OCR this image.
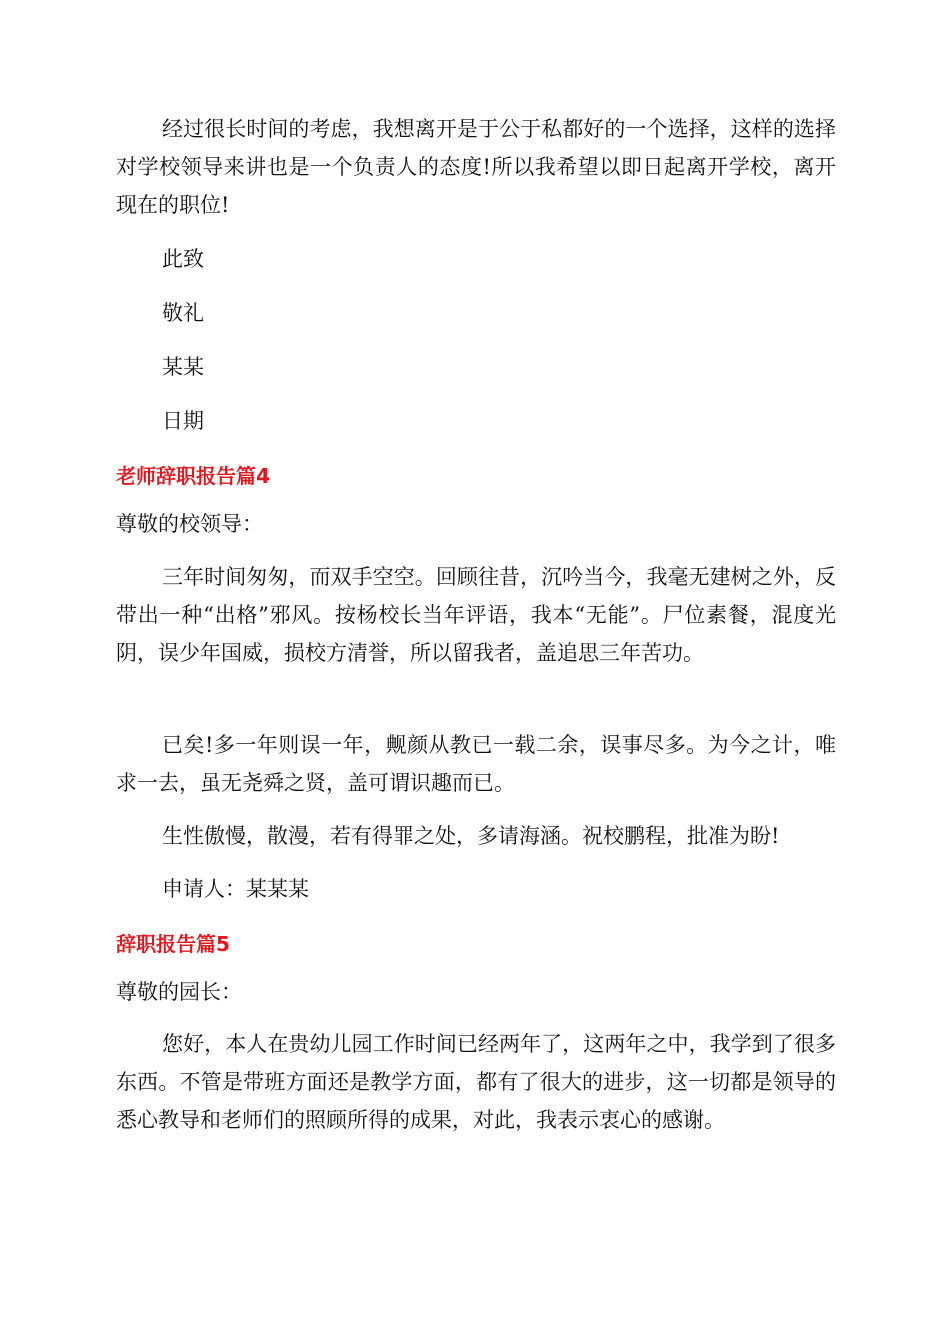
经过很长时间的考虑，我想离开是于公于私都好的一个选择，这样的选择对学校领导来讲也是一个负责人的态度!所以我希望以即日起离开学校，离开现在的职位!
此致
敬礼
某某
日期
老师辞职报告篇4
尊敬的校领导：
三年时间匆匆，而双手空空。回顾往昔，沉吟当今，我毫无建树之外，反带出一种“出格”邪风。按杨校长当年评语，我本“无能”。尸位素餐，混度光阴，误少年国威，损校方清誉，所以留我者，盖追思三年苦功。
已矣!多一年则误一年，觍颜从教已一载二余，误事尽多。为今之计，唯求一去，虽无尧舜之贤，盖可谓识趣而已。
生性傲慢，散漫，若有得罪之处，多请海涵。祝校鹏程，批准为盼!
申请人：某某某
辞职报告篇5
尊敬的园长：
您好，本人在贵幼儿园工作时间已经两年了，这两年之中，我学到了很多东西。不管是带班方面还是教学方面，都有了很大的进步，这一切都是领导的悉心教导和老师们的照顾所得的成果，对此，我表示衷心的感谢。
